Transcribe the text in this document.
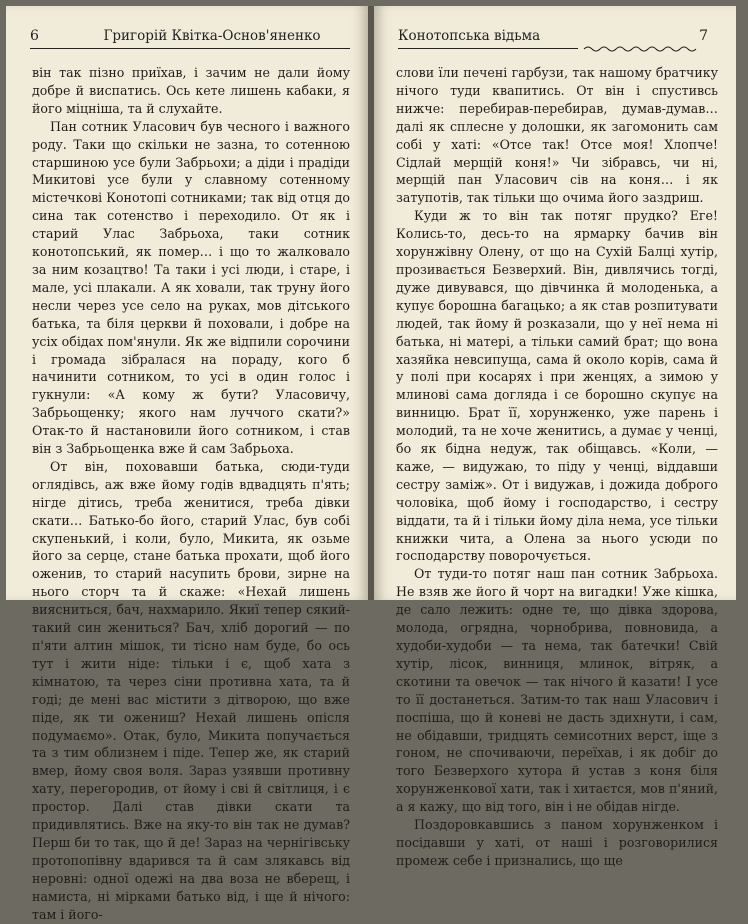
6	Григорій Квітка-Основ'яненко

він так пізно приїхав, і зачим не дали йому добре й виспатись. Ось кете лишень кабаки, я його міцніша, та й слухайте.

Пан сотник Уласович був чесного і важного роду. Таки що скільки не зазна, то сотенною старшиною усе були Забрьохи; а діди і прадіди Микитові усе були у славному сотенному містечкові Конотопі сотниками; так від отця до сина так сотенство і переходило. От як і старий Улас Забрьоха, таки сотник конотопський, як помер… і що то жалковало за ним козацтво! Та таки і усі люди, і старе, і мале, усі плакали. А як ховали, так труну його несли через усе село на руках, мов дітського батька, та біля церкви й поховали, і добре на усіх обідах пом'янули. Як же відпили сорочини і громада зібралася на пораду, кого б начинити сотником, то усі в один голос і гукнули: «А кому ж бути? Уласовичу, Забрьощенку; якого нам луччого скати?» Отак-то й настановили його сотником, і став він з Забрьощенка вже й сам Забрьоха.

От він, поховавши батька, сюди-туди оглядівсь, аж вже йому годів вдвадцять п'ять; нігде дітись, треба женитися, треба дівки скати… Батько-бо його, старий Улас, був собі скупенький, і коли, було, Микита, як озьме його за серце, стане батька прохати, щоб його оженив, то старий насупить брови, зирне на нього сторч та й скаже: «Нехай лишень виясниться, бач, нахмарило. Якиї тепер сякий-такий син жениться? Бач, хліб дорогий — по п'яти алтин мішок, ти тісно нам буде, бо ось тут і жити ніде: тільки і є, щоб хата з кімнатою, та через сіни противна хата, та й годі; де мені вас містити з дітворою, що вже піде, як ти ожениш? Нехай лишень опісля подумаємо». Отак, було, Микита попучається та з тим облизнем і піде. Тепер же, як старий вмер, йому своя воля. Зараз узявши противну хату, перегородив, от йому і сві й світлиця, і є простор. Далі став дівки скати та придивлятись. Вже на яку-то він так не думав? Перш би то так, що й де! Зараз на чернігівську протопопівну вдарився та й сам злякавсь від неровні: одної одежі на два воза не вберещ, і намиста, ні мірками батько від, і ще й нічого: там і його-

Конотопська відьма	7

слови їли печені гарбузи, так нашому братчику нічого туди квапитись. От він і спустивсь нижче: перебирав-перебирав, думав-думав… далі як сплесне у долошки, як загомонить сам собі у хаті: «Отсе так! Отсе моя! Хлопче! Сідлай мерщій коня!» Чи зібравсь, чи ні, мерщій пан Уласович сів на коня… і як затупотів, так тільки що очима його заздриш.

Куди ж то він так потяг прудко? Еге! Колись-то, десь-то на ярмарку бачив він хорунжівну Олену, от що на Сухій Балці хутір, прозивається Безверхий. Він, дивлячись тогді, дуже дивувався, що дівчинка й молоденька, а купує борошна багацько; а як став розпитувати людей, так йому й розказали, що у неї нема ні батька, ні матері, а тільки самий брат; що вона хазяйка невсипуща, сама й около корів, сама й у полі при косарях і при женцях, а зимою у млинові сама догляда і се борошно скупує на винницю. Брат її, хорунженко, уже парень і молодий, та не хоче женитись, а думає у ченці, бо як бідна недуж, так обіщавсь. «Коли, — каже, — видужаю, то піду у ченці, віддавши сестру замiж». От і видужав, і дожида доброго чоловіка, щоб йому і господарство, і сестру віддати, та й і тільки йому діла нема, усе тільки книжки чита, а Олена за нього усюди по господарству поворочується.

От туди-то потяг наш пан сотник Забрьоха. Не взяв же його й чорт на вигадки! Уже кішка, де сало лежить: одне те, що дівка здорова, молода, огрядна, чорнобрива, повновида, а худоби-худоби — та нема, так батечки! Свій хутір, лісок, винниця, млинок, вітряк, а скотини та овечок — так нічого й казати! І усе то її достанеться. Затим-то так наш Уласович і поспіша, що й коневі не дасть здихнути, і сам, не обідавши, тридцять семисотних верст, іще з гоном, не спочиваючи, переїхав, і як добіг до того Безверхого хутора й устав з коня біля хорунженкової хати, так і хитаєтся, мов п'яний, а я кажу, що від того, він і не обідав нігде.

Поздоровкавшись з паном хорунженком і посідавши у хаті, от наші і розговорилися промеж себе і признались, що ще
